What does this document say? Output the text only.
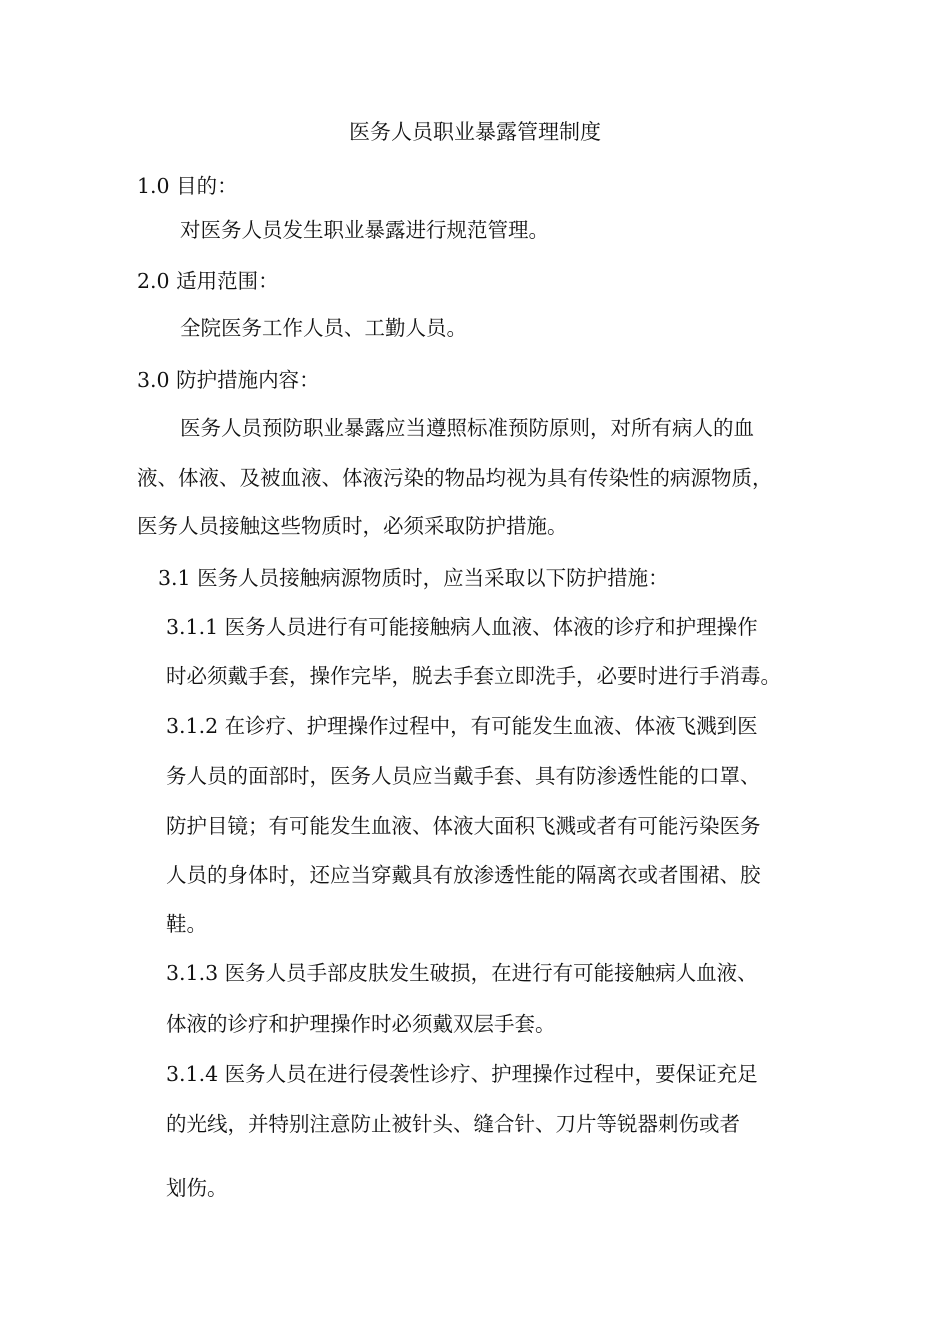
医务人员职业暴露管理制度
1.0 目的：
对医务人员发生职业暴露进行规范管理。
2.0 适用范围：
全院医务工作人员、工勤人员。
3.0 防护措施内容：
医务人员预防职业暴露应当遵照标准预防原则，对所有病人的血
液、体液、及被血液、体液污染的物品均视为具有传染性的病源物质，
医务人员接触这些物质时，必须采取防护措施。
3.1 医务人员接触病源物质时，应当采取以下防护措施：
3.1.1 医务人员进行有可能接触病人血液、体液的诊疗和护理操作
时必须戴手套，操作完毕，脱去手套立即洗手，必要时进行手消毒。
3.1.2 在诊疗、护理操作过程中，有可能发生血液、体液飞溅到医
务人员的面部时，医务人员应当戴手套、具有防渗透性能的口罩、
防护目镜；有可能发生血液、体液大面积飞溅或者有可能污染医务
人员的身体时，还应当穿戴具有放渗透性能的隔离衣或者围裙、胶
鞋。
3.1.3 医务人员手部皮肤发生破损，在进行有可能接触病人血液、
体液的诊疗和护理操作时必须戴双层手套。
3.1.4 医务人员在进行侵袭性诊疗、护理操作过程中，要保证充足
的光线，并特别注意防止被针头、缝合针、刀片等锐器刺伤或者
划伤。
